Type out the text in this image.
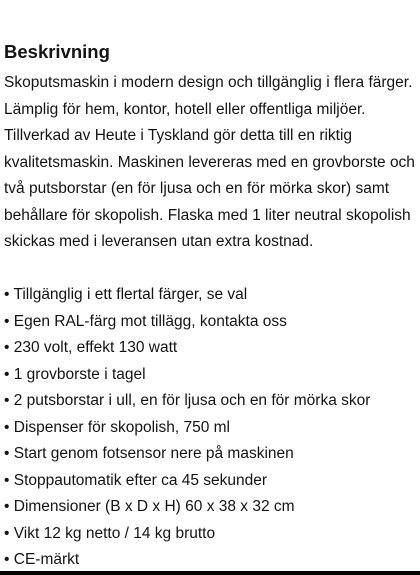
Beskrivning
Skoputsmaskin i modern design och tillgänglig i flera färger.
Lämplig för hem, kontor, hotell eller offentliga miljöer.
Tillverkad av Heute i Tyskland gör detta till en riktig
kvalitetsmaskin. Maskinen levereras med en grovborste och
två putsborstar (en för ljusa och en för mörka skor) samt
behållare för skopolish. Flaska med 1 liter neutral skopolish
skickas med i leveransen utan extra kostnad.
• Tillgänglig i ett flertal färger, se val
• Egen RAL-färg mot tillägg, kontakta oss
• 230 volt, effekt 130 watt
• 1 grovborste i tagel
• 2 putsborstar i ull, en för ljusa och en för mörka skor
• Dispenser för skopolish, 750 ml
• Start genom fotsensor nere på maskinen
• Stoppautomatik efter ca 45 sekunder
• Dimensioner (B x D x H) 60 x 38 x 32 cm
• Vikt 12 kg netto / 14 kg brutto
• CE-märkt
